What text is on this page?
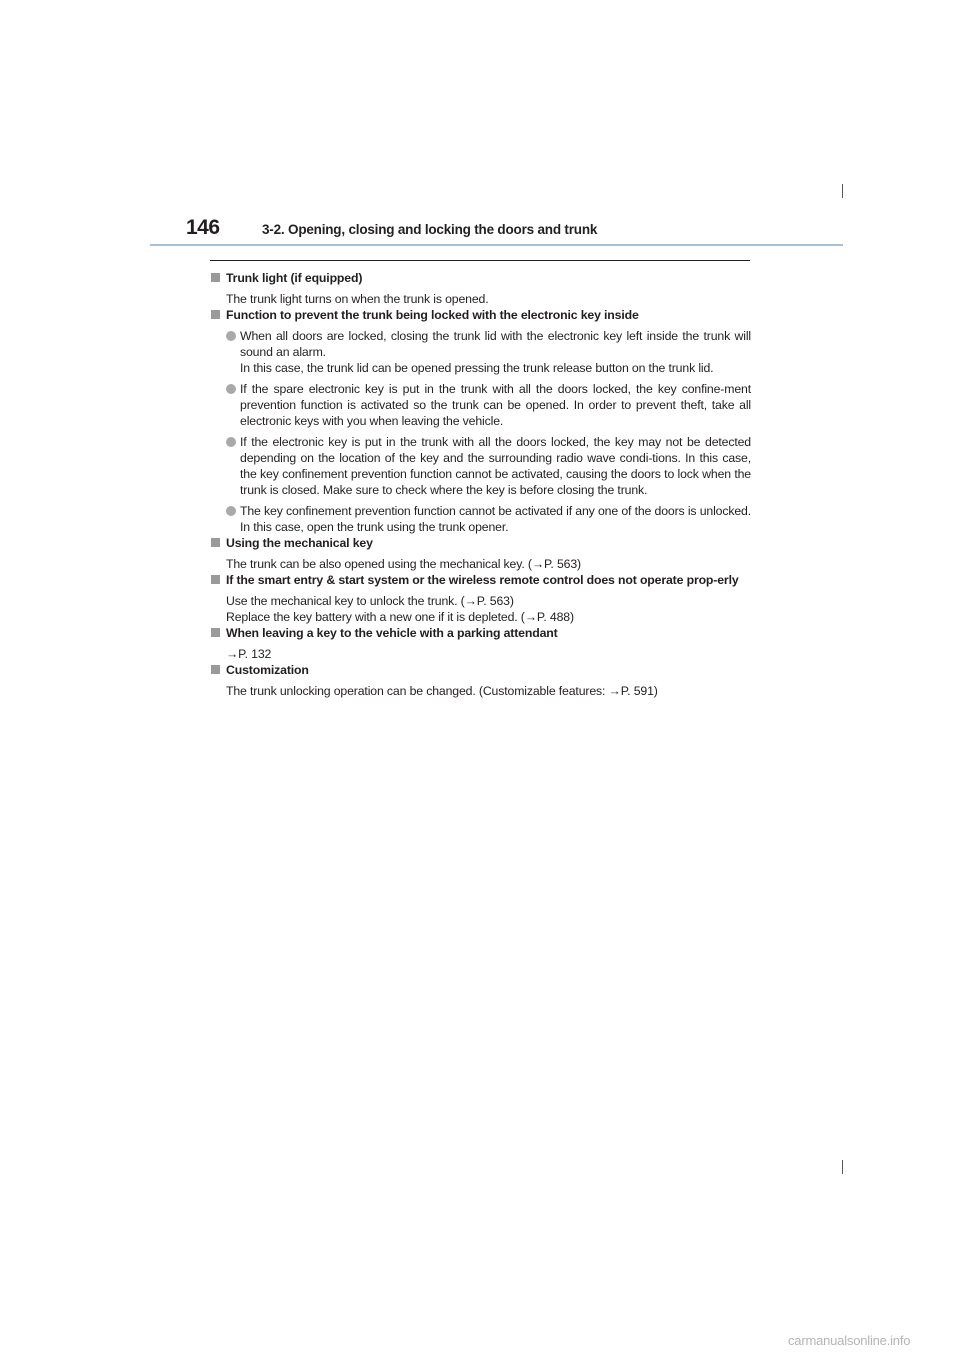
146	3-2. Opening, closing and locking the doors and trunk
Trunk light (if equipped)
The trunk light turns on when the trunk is opened.
Function to prevent the trunk being locked with the electronic key inside
When all doors are locked, closing the trunk lid with the electronic key left inside the trunk will sound an alarm.
In this case, the trunk lid can be opened pressing the trunk release button on the trunk lid.
If the spare electronic key is put in the trunk with all the doors locked, the key confine-ment prevention function is activated so the trunk can be opened. In order to prevent theft, take all electronic keys with you when leaving the vehicle.
If the electronic key is put in the trunk with all the doors locked, the key may not be detected depending on the location of the key and the surrounding radio wave condi-tions. In this case, the key confinement prevention function cannot be activated, causing the doors to lock when the trunk is closed. Make sure to check where the key is before closing the trunk.
The key confinement prevention function cannot be activated if any one of the doors is unlocked. In this case, open the trunk using the trunk opener.
Using the mechanical key
The trunk can be also opened using the mechanical key. (→P. 563)
If the smart entry & start system or the wireless remote control does not operate prop-erly
Use the mechanical key to unlock the trunk. (→P. 563)
Replace the key battery with a new one if it is depleted. (→P. 488)
When leaving a key to the vehicle with a parking attendant
→P. 132
Customization
The trunk unlocking operation can be changed. (Customizable features: →P. 591)
carmanualsonline.info
